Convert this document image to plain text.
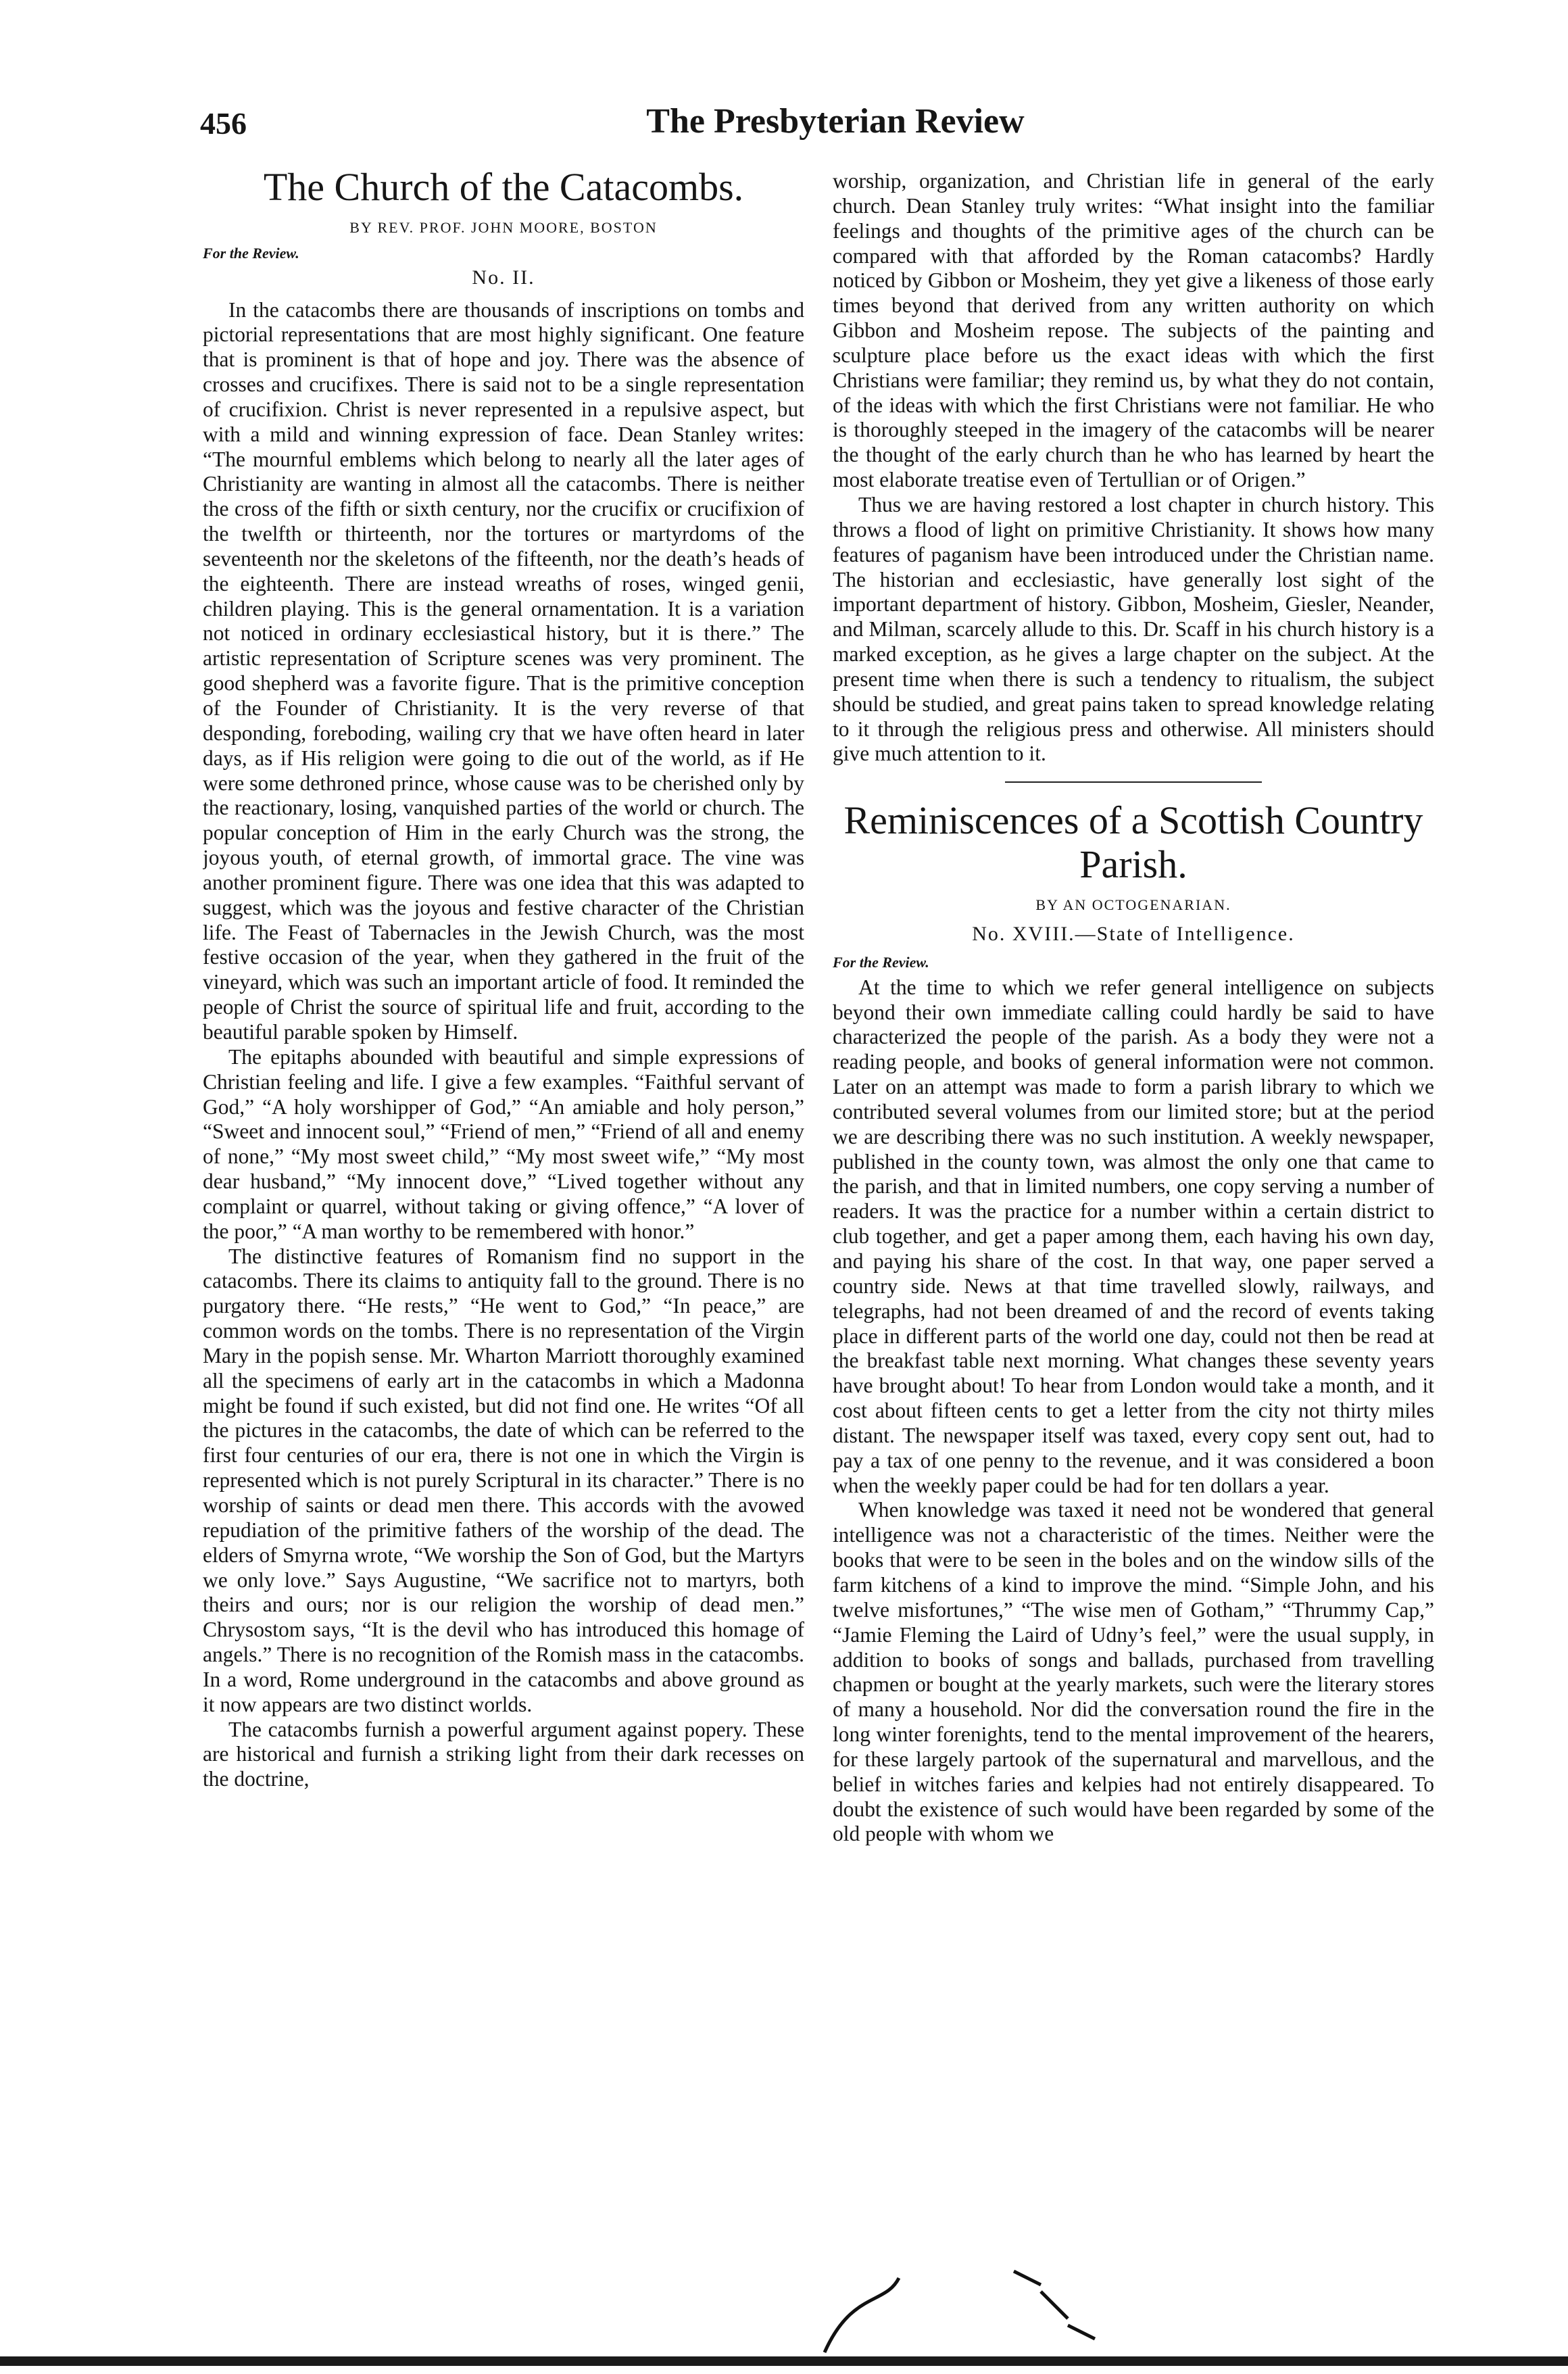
456	The Presbyterian Review
The Church of the Catacombs.
BY REV. PROF. JOHN MOORE, BOSTON
For the Review.
No. II.

In the catacombs there are thousands of inscriptions on tombs and pictorial representations that are most highly significant. One feature that is prominent is that of hope and joy. There was the absence of crosses and crucifixes. There is said not to be a single representation of crucifixion. Christ is never represented in a repulsive aspect, but with a mild and winning expression of face. Dean Stanley writes: “The mournful emblems which belong to nearly all the later ages of Christianity are wanting in almost all the catacombs. There is neither the cross of the fifth or sixth century, nor the crucifix or crucifixion of the twelfth or thirteenth, nor the tortures or martyrdoms of the seventeenth nor the skeletons of the fifteenth, nor the death’s heads of the eighteenth. There are instead wreaths of roses, winged genii, children playing. This is the general ornamentation. It is a variation not noticed in ordinary ecclesiastical history, but it is there.” The artistic representation of Scripture scenes was very prominent. The good shepherd was a favorite figure. That is the primitive conception of the Founder of Christianity. It is the very reverse of that desponding, foreboding, wailing cry that we have often heard in later days, as if His religion were going to die out of the world, as if He were some dethroned prince, whose cause was to be cherished only by the reactionary, losing, vanquished parties of the world or church. The popular conception of Him in the early Church was the strong, the joyous youth, of eternal growth, of immortal grace. The vine was another prominent figure. There was one idea that this was adapted to suggest, which was the joyous and festive character of the Christian life. The Feast of Tabernacles in the Jewish Church, was the most festive occasion of the year, when they gathered in the fruit of the vineyard, which was such an important article of food. It reminded the people of Christ the source of spiritual life and fruit, according to the beautiful parable spoken by Himself.

The epitaphs abounded with beautiful and simple expressions of Christian feeling and life. I give a few examples. “Faithful servant of God,” “A holy worshipper of God,” “An amiable and holy person,” “Sweet and innocent soul,” “Friend of men,” “Friend of all and enemy of none,” “My most sweet child,” “My most sweet wife,” “My most dear husband,” “My innocent dove,” “Lived together without any complaint or quarrel, without taking or giving offence,” “A lover of the poor,” “A man worthy to be remembered with honor.”

The distinctive features of Romanism find no support in the catacombs. There its claims to antiquity fall to the ground. There is no purgatory there. “He rests,” “He went to God,” “In peace,” are common words on the tombs. There is no representation of the Virgin Mary in the popish sense. Mr. Wharton Marriott thoroughly examined all the specimens of early art in the catacombs in which a Madonna might be found if such existed, but did not find one. He writes “Of all the pictures in the catacombs, the date of which can be referred to the first four centuries of our era, there is not one in which the Virgin is represented which is not purely Scriptural in its character.” There is no worship of saints or dead men there. This accords with the avowed repudiation of the primitive fathers of the worship of the dead. The elders of Smyrna wrote, “We worship the Son of God, but the Martyrs we only love.” Says Augustine, “We sacrifice not to martyrs, both theirs and ours; nor is our religion the worship of dead men.” Chrysostom says, “It is the devil who has introduced this homage of angels.” There is no recognition of the Romish mass in the catacombs. In a word, Rome underground in the catacombs and above ground as it now appears are two distinct worlds.

The catacombs furnish a powerful argument against popery. These are historical and furnish a striking light from their dark recesses on the doctrine,

worship, organization, and Christian life in general of the early church. Dean Stanley truly writes: “What insight into the familiar feelings and thoughts of the primitive ages of the church can be compared with that afforded by the Roman catacombs? Hardly noticed by Gibbon or Mosheim, they yet give a likeness of those early times beyond that derived from any written authority on which Gibbon and Mosheim repose. The subjects of the painting and sculpture place before us the exact ideas with which the first Christians were familiar; they remind us, by what they do not contain, of the ideas with which the first Christians were not familiar. He who is thoroughly steeped in the imagery of the catacombs will be nearer the thought of the early church than he who has learned by heart the most elaborate treatise even of Tertullian or of Origen.”

Thus we are having restored a lost chapter in church history. This throws a flood of light on primitive Christianity. It shows how many features of paganism have been introduced under the Christian name. The historian and ecclesiastic, have generally lost sight of the important department of history. Gibbon, Mosheim, Giesler, Neander, and Milman, scarcely allude to this. Dr. Scaff in his church history is a marked exception, as he gives a large chapter on the subject. At the present time when there is such a tendency to ritualism, the subject should be studied, and great pains taken to spread knowledge relating to it through the religious press and otherwise. All ministers should give much attention to it.

Reminiscences of a Scottish Country Parish.
BY AN OCTOGENARIAN.
No. XVIII.—State of Intelligence.
For the Review.

At the time to which we refer general intelligence on subjects beyond their own immediate calling could hardly be said to have characterized the people of the parish. As a body they were not a reading people, and books of general information were not common. Later on an attempt was made to form a parish library to which we contributed several volumes from our limited store; but at the period we are describing there was no such institution. A weekly newspaper, published in the county town, was almost the only one that came to the parish, and that in limited numbers, one copy serving a number of readers. It was the practice for a number within a certain district to club together, and get a paper among them, each having his own day, and paying his share of the cost. In that way, one paper served a country side. News at that time travelled slowly, railways, and telegraphs, had not been dreamed of and the record of events taking place in different parts of the world one day, could not then be read at the breakfast table next morning. What changes these seventy years have brought about! To hear from London would take a month, and it cost about fifteen cents to get a letter from the city not thirty miles distant. The newspaper itself was taxed, every copy sent out, had to pay a tax of one penny to the revenue, and it was considered a boon when the weekly paper could be had for ten dollars a year.

When knowledge was taxed it need not be wondered that general intelligence was not a characteristic of the times. Neither were the books that were to be seen in the boles and on the window sills of the farm kitchens of a kind to improve the mind. “Simple John, and his twelve misfortunes,” “The wise men of Gotham,” “Thrummy Cap,” “Jamie Fleming the Laird of Udny’s feel,” were the usual supply, in addition to books of songs and ballads, purchased from travelling chapmen or bought at the yearly markets, such were the literary stores of many a household. Nor did the conversation round the fire in the long winter forenights, tend to the mental improvement of the hearers, for these largely partook of the supernatural and marvellous, and the belief in witches faries and kelpies had not entirely disappeared. To doubt the existence of such would have been regarded by some of the old people with whom we
